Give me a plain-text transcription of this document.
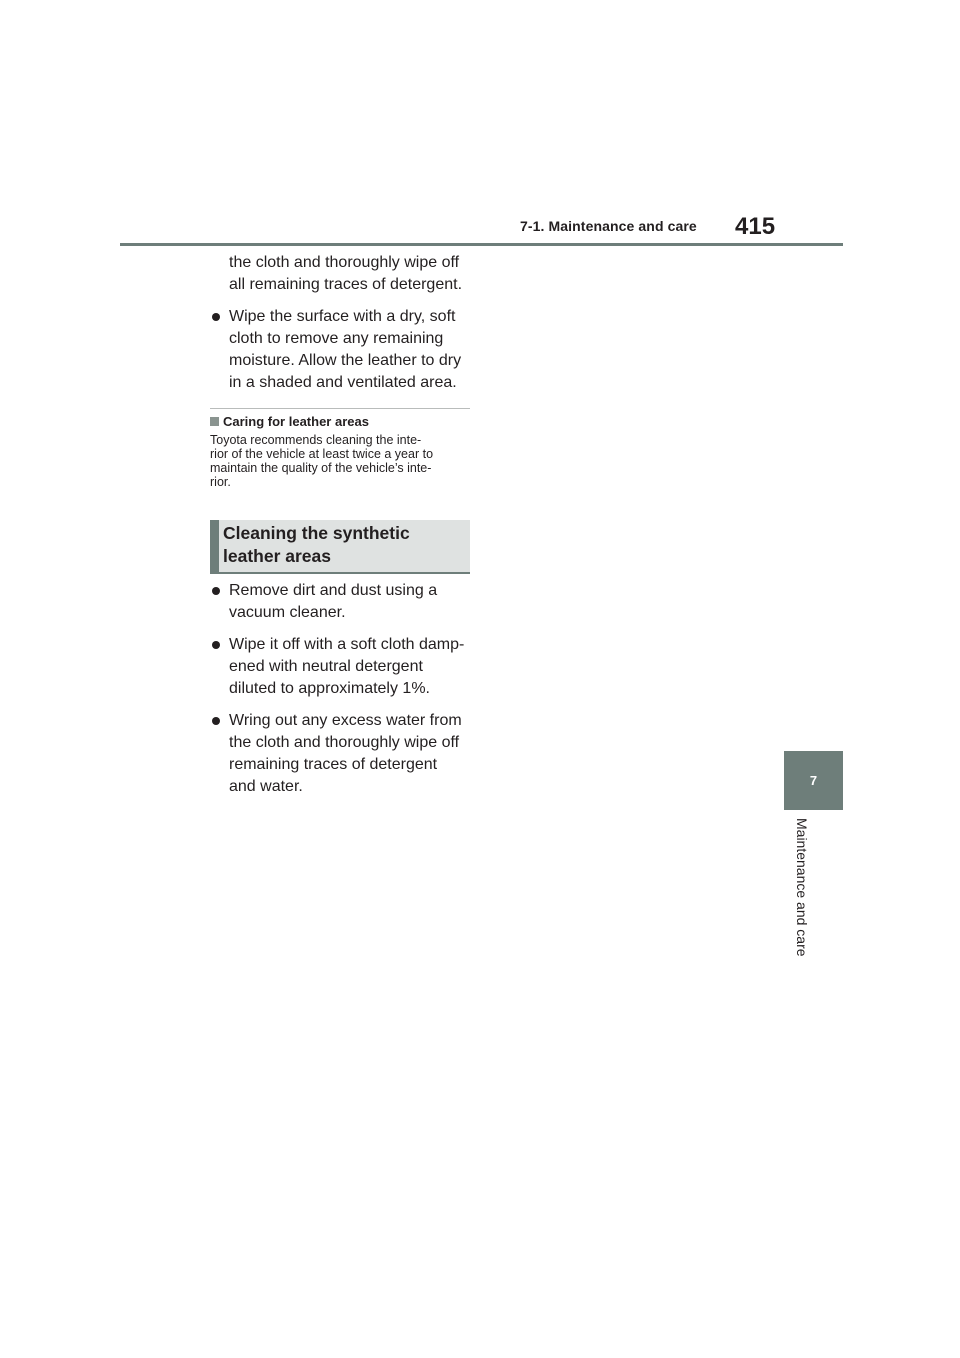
7-1. Maintenance and care 415
7
Maintenance and care

the cloth and thoroughly wipe off
all remaining traces of detergent.

Wipe the surface with a dry, soft
cloth to remove any remaining
moisture. Allow the leather to dry
in a shaded and ventilated area.
Caring for leather areas
Toyota recommends cleaning the inte-
rior of the vehicle at least twice a year to
maintain the quality of the vehicle’s inte-
rior.
Cleaning the synthetic
leather areas
Remove dirt and dust using a
vacuum cleaner.
Wipe it off with a soft cloth damp-
ened with neutral detergent
diluted to approximately 1%.
Wring out any excess water from
the cloth and thoroughly wipe off
remaining traces of detergent
and water.
